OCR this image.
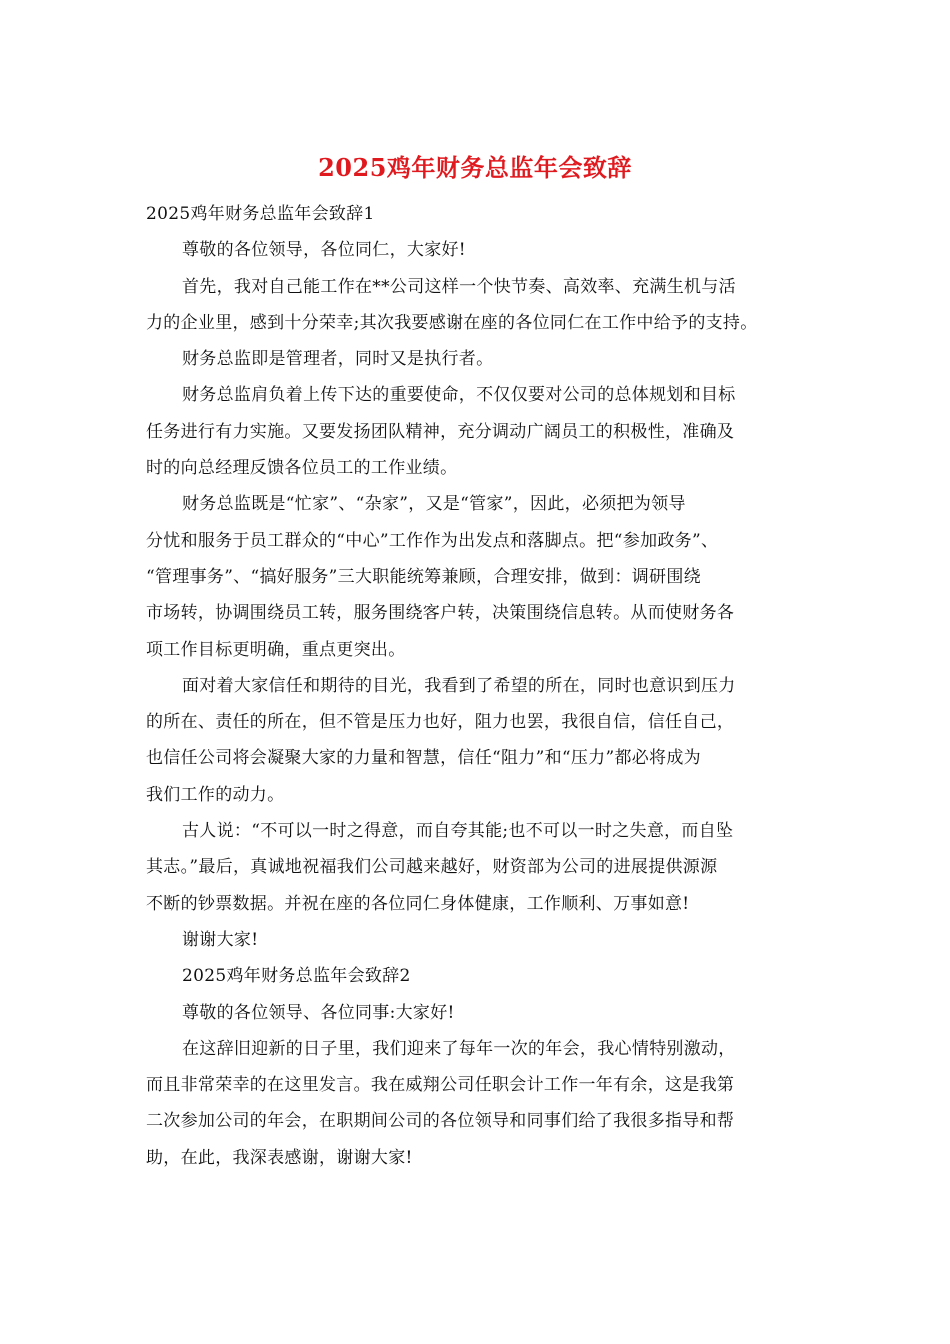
2025鸡年财务总监年会致辞
2025鸡年财务总监年会致辞1
尊敬的各位领导，各位同仁，大家好!
首先，我对自己能工作在**公司这样一个快节奏、高效率、充满生机与活
力的企业里，感到十分荣幸;其次我要感谢在座的各位同仁在工作中给予的支持。
财务总监即是管理者，同时又是执行者。
财务总监肩负着上传下达的重要使命，不仅仅要对公司的总体规划和目标
任务进行有力实施。又要发扬团队精神，充分调动广阔员工的积极性，准确及
时的向总经理反馈各位员工的工作业绩。
财务总监既是“忙家”、“杂家”，又是“管家”，因此，必须把为领导
分忧和服务于员工群众的“中心”工作作为出发点和落脚点。把“参加政务”、
“管理事务”、“搞好服务”三大职能统筹兼顾，合理安排，做到：调研围绕
市场转，协调围绕员工转，服务围绕客户转，决策围绕信息转。从而使财务各
项工作目标更明确，重点更突出。
面对着大家信任和期待的目光，我看到了希望的所在，同时也意识到压力
的所在、责任的所在，但不管是压力也好，阻力也罢，我很自信，信任自己，
也信任公司将会凝聚大家的力量和智慧，信任“阻力”和“压力”都必将成为
我们工作的动力。
古人说：“不可以一时之得意，而自夸其能;也不可以一时之失意，而自坠
其志。”最后，真诚地祝福我们公司越来越好，财资部为公司的进展提供源源
不断的钞票数据。并祝在座的各位同仁身体健康，工作顺利、万事如意!
谢谢大家!
2025鸡年财务总监年会致辞2
尊敬的各位领导、各位同事:大家好!
在这辞旧迎新的日子里，我们迎来了每年一次的年会，我心情特别激动，
而且非常荣幸的在这里发言。我在威翔公司任职会计工作一年有余，这是我第
二次参加公司的年会，在职期间公司的各位领导和同事们给了我很多指导和帮
助，在此，我深表感谢，谢谢大家!
